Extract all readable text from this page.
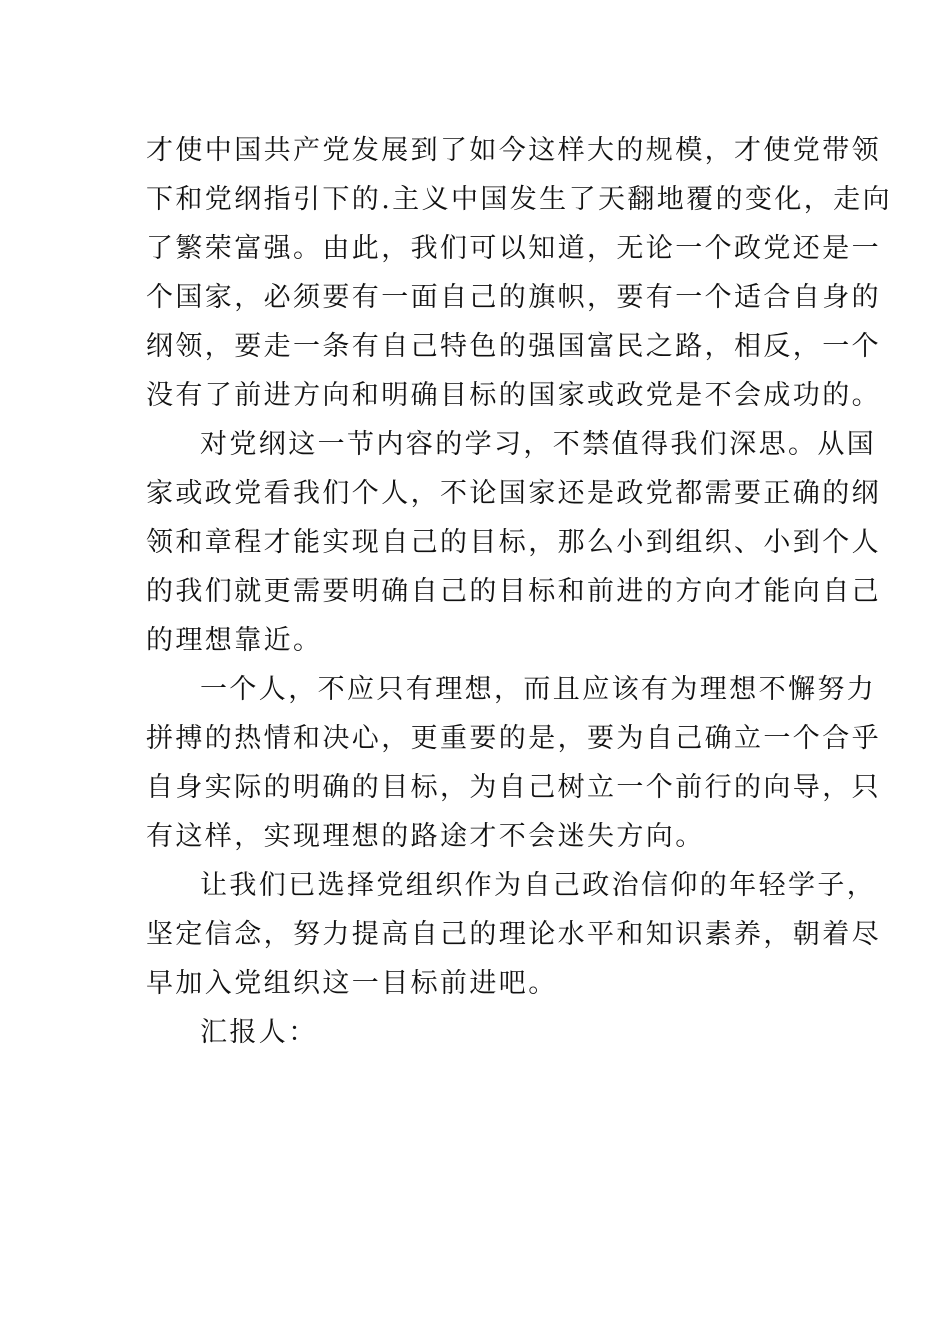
才使中国共产党发展到了如今这样大的规模，才使党带领
下和党纲指引下的.主义中国发生了天翻地覆的变化，走向
了繁荣富强。由此，我们可以知道，无论一个政党还是一
个国家，必须要有一面自己的旗帜，要有一个适合自身的
纲领，要走一条有自己特色的强国富民之路，相反，一个
没有了前进方向和明确目标的国家或政党是不会成功的。
对党纲这一节内容的学习，不禁值得我们深思。从国
家或政党看我们个人，不论国家还是政党都需要正确的纲
领和章程才能实现自己的目标，那么小到组织、小到个人
的我们就更需要明确自己的目标和前进的方向才能向自己
的理想靠近。
一个人，不应只有理想，而且应该有为理想不懈努力
拼搏的热情和决心，更重要的是，要为自己确立一个合乎
自身实际的明确的目标，为自己树立一个前行的向导，只
有这样，实现理想的路途才不会迷失方向。
让我们已选择党组织作为自己政治信仰的年轻学子，
坚定信念，努力提高自己的理论水平和知识素养，朝着尽
早加入党组织这一目标前进吧。
汇报人：
